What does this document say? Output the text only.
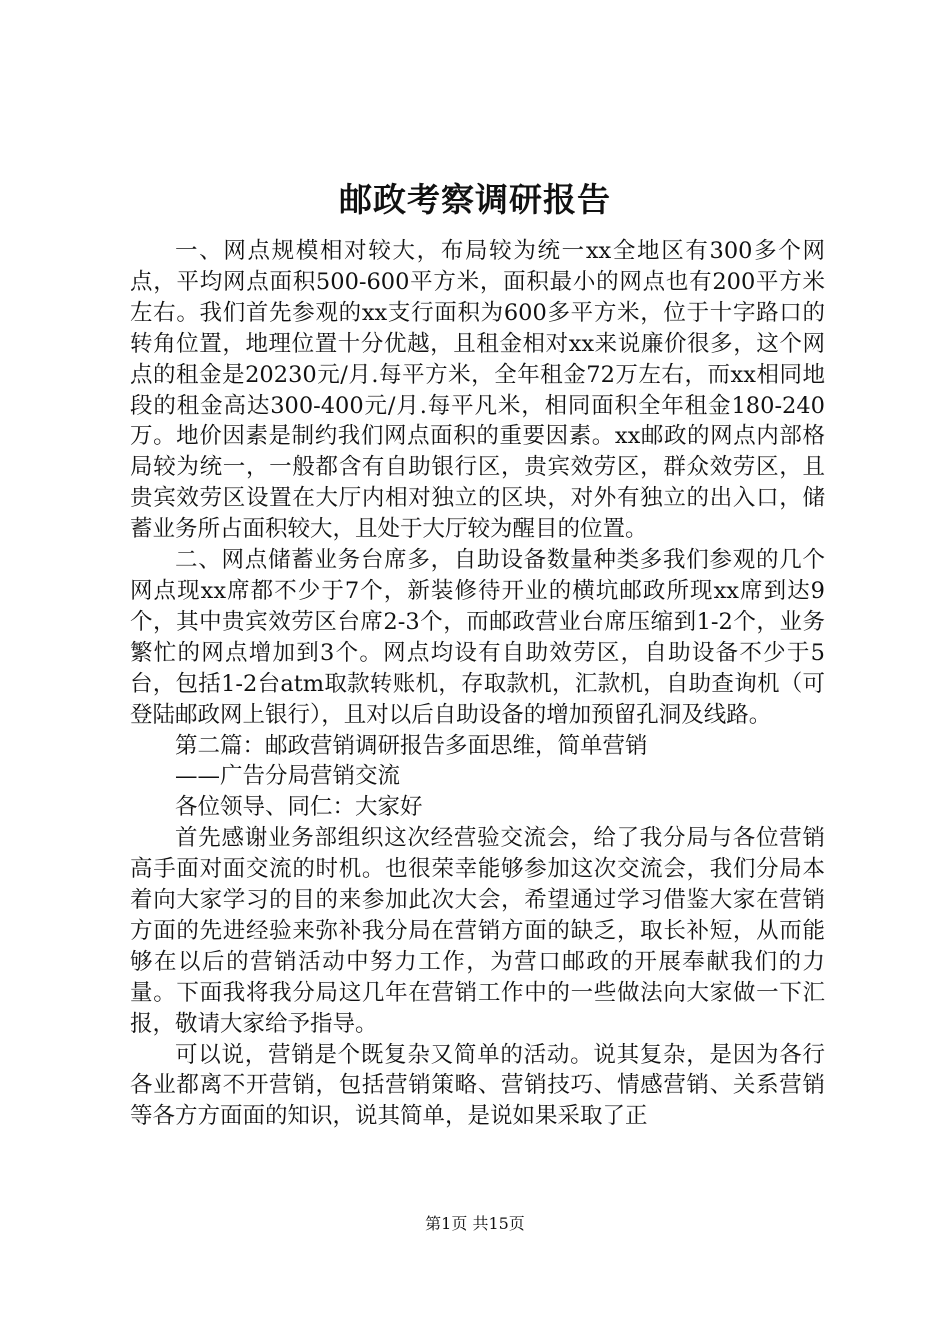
邮政考察调研报告

一、网点规模相对较大，布局较为统一xx全地区有300多个网点，平均网点面积500-600平方米，面积最小的网点也有200平方米左右。我们首先参观的xx支行面积为600多平方米，位于十字路口的转角位置，地理位置十分优越，且租金相对xx来说廉价很多，这个网点的租金是20230元/月.每平方米，全年租金72万左右，而xx相同地段的租金高达300-400元/月.每平凡米，相同面积全年租金180-240万。地价因素是制约我们网点面积的重要因素。xx邮政的网点内部格局较为统一，一般都含有自助银行区，贵宾效劳区，群众效劳区，且贵宾效劳区设置在大厅内相对独立的区块，对外有独立的出入口，储蓄业务所占面积较大，且处于大厅较为醒目的位置。

二、网点储蓄业务台席多，自助设备数量种类多我们参观的几个网点现xx席都不少于7个，新装修待开业的横坑邮政所现xx席到达9个，其中贵宾效劳区台席2-3个，而邮政营业台席压缩到1-2个，业务繁忙的网点增加到3个。网点均设有自助效劳区，自助设备不少于5台，包括1-2台atm取款转账机，存取款机，汇款机，自助查询机（可登陆邮政网上银行），且对以后自助设备的增加预留孔洞及线路。

第二篇：邮政营销调研报告多面思维，简单营销

——广告分局营销交流

各位领导、同仁：大家好

首先感谢业务部组织这次经营验交流会，给了我分局与各位营销高手面对面交流的时机。也很荣幸能够参加这次交流会，我们分局本着向大家学习的目的来参加此次大会，希望通过学习借鉴大家在营销方面的先进经验来弥补我分局在营销方面的缺乏，取长补短，从而能够在以后的营销活动中努力工作，为营口邮政的开展奉献我们的力量。下面我将我分局这几年在营销工作中的一些做法向大家做一下汇报，敬请大家给予指导。

可以说，营销是个既复杂又简单的活动。说其复杂，是因为各行各业都离不开营销，包括营销策略、营销技巧、情感营销、关系营销等各方方面面的知识，说其简单，是说如果采取了正

第1页 共15页
